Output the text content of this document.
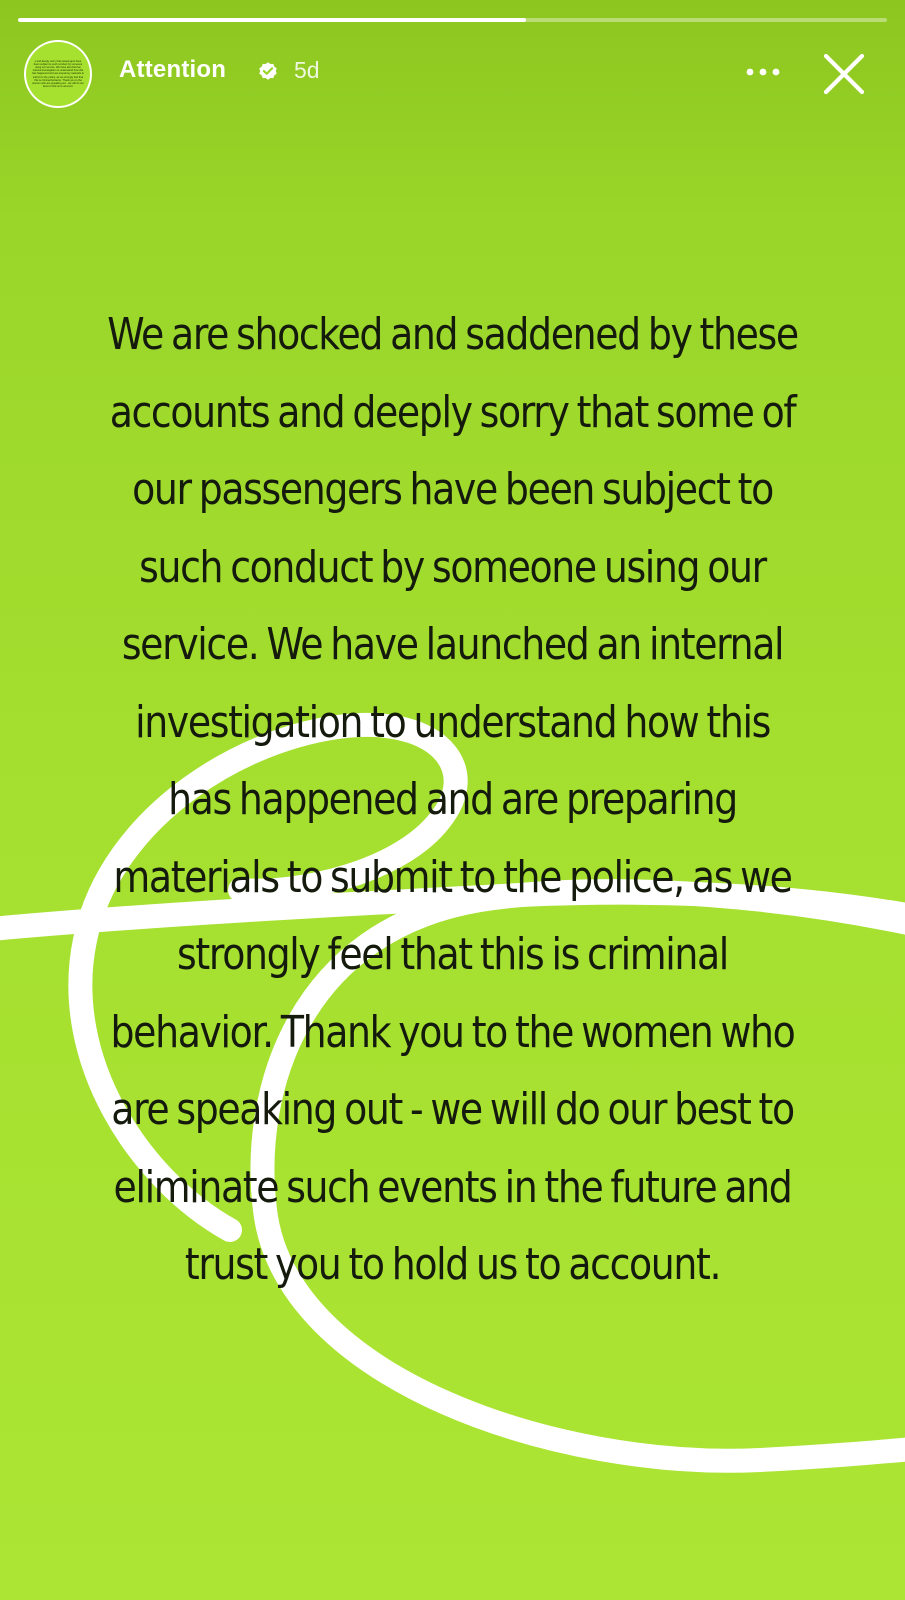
s and deeply sorry that passengers have been subject to such conduct by someone using our service. We have launched an internal investigation to understand how this has happened and are preparing materials to submit to the police, as we strongly feel that this is criminal behavior. Thank you to the women who are speaking out - we will do our best to hold us to account.
Attention	5d
We are shocked and saddened by these accounts and deeply sorry that some of our passengers have been subject to such conduct by someone using our service. We have launched an internal investigation to understand how this has happened and are preparing materials to submit to the police, as we strongly feel that this is criminal behavior. Thank you to the women who are speaking out - we will do our best to eliminate such events in the future and trust you to hold us to account.
